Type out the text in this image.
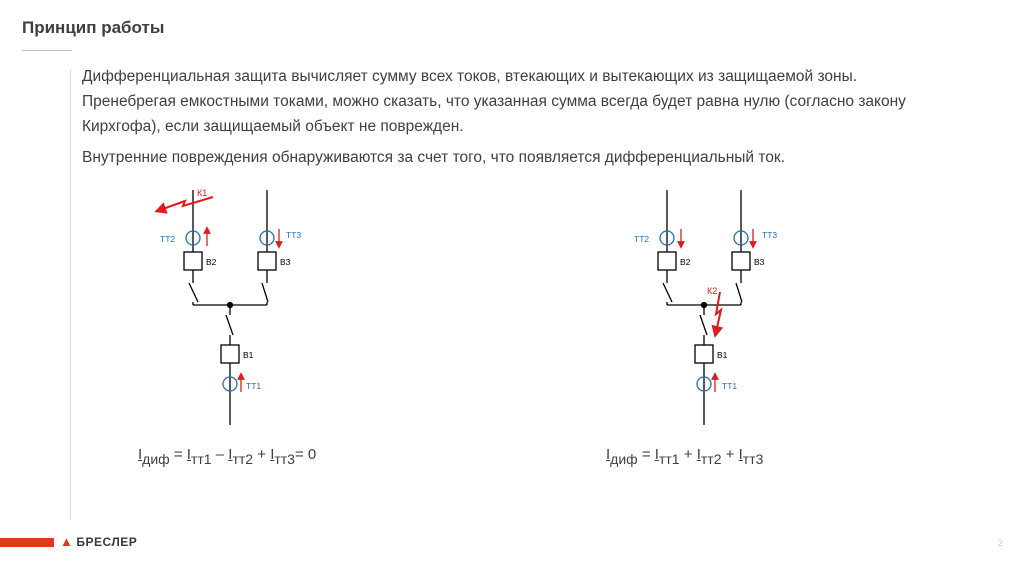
Принцип работы

Дифференциальная защита вычисляет сумму всех токов, втекающих и вытекающих из защищаемой зоны. Пренебрегая емкостными токами, можно сказать, что указанная сумма всегда будет равна нулю (согласно закону Кирхгофа), если защищаемый объект не поврежден.

Внутренние повреждения обнаруживаются за счет того, что появляется дифференциальный ток.

К1
ТТ2	ТТ3
ТТ1
В2	В3
В1
К2
ТТ2	ТТ3
ТТ1
В2	В3
В1
$I_{диф} = I_{тт1} - I_{тт2} + I_{тт3}= 0$	$I_{диф} = I_{тт1} + I_{тт2} + I_{тт3}$
▲ БРЕСЛЕР	2
